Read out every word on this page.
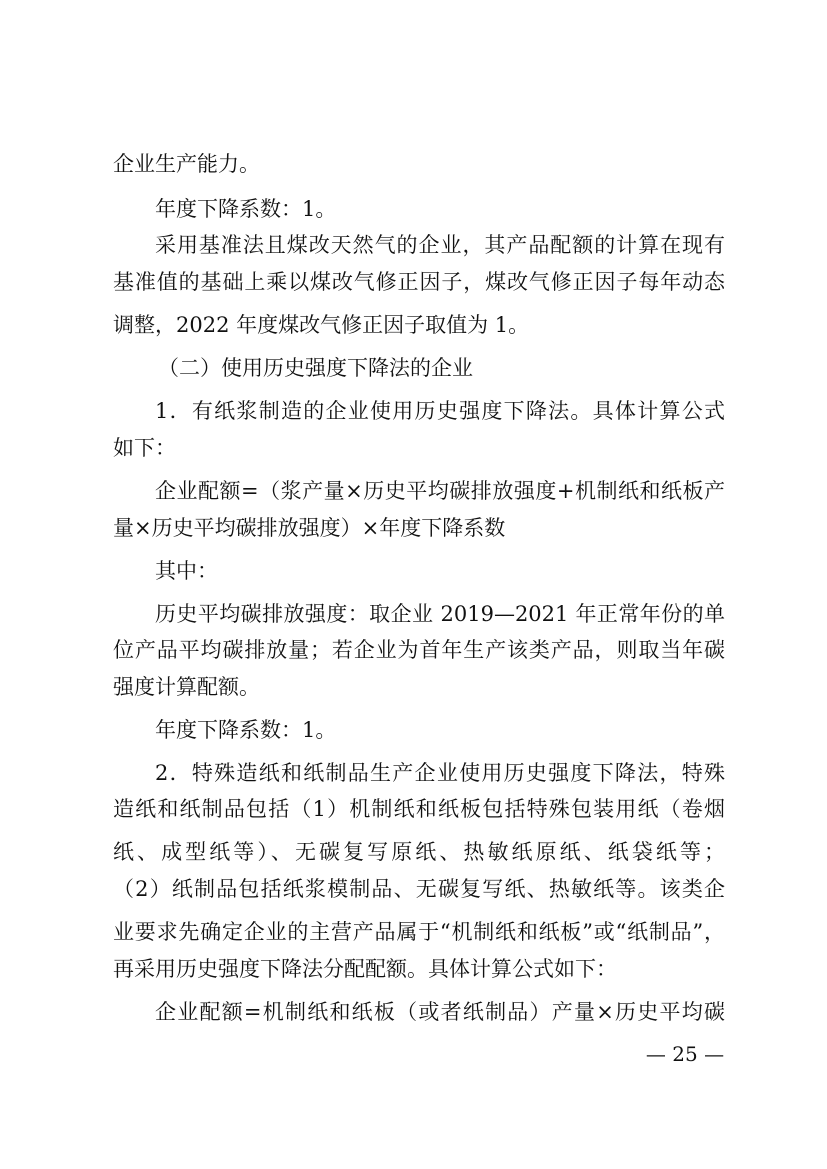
企业生产能力。
年度下降系数：1。
采用基准法且煤改天然气的企业，其产品配额的计算在现有
基准值的基础上乘以煤改气修正因子，煤改气修正因子每年动态
调整，2022 年度煤改气修正因子取值为 1。
（二）使用历史强度下降法的企业
1．有纸浆制造的企业使用历史强度下降法。具体计算公式
如下：
企业配额=（浆产量×历史平均碳排放强度+机制纸和纸板产
量×历史平均碳排放强度）×年度下降系数
其中：
历史平均碳排放强度：取企业 2019—2021 年正常年份的单
位产品平均碳排放量；若企业为首年生产该类产品，则取当年碳
强度计算配额。
年度下降系数：1。
2．特殊造纸和纸制品生产企业使用历史强度下降法，特殊
造纸和纸制品包括（1）机制纸和纸板包括特殊包装用纸（卷烟
纸、成型纸等）、无碳复写原纸、热敏纸原纸、纸袋纸等；
（2）纸制品包括纸浆模制品、无碳复写纸、热敏纸等。该类企
业要求先确定企业的主营产品属于“机制纸和纸板”或“纸制品”，
再采用历史强度下降法分配配额。具体计算公式如下：
企业配额=机制纸和纸板（或者纸制品）产量×历史平均碳
— 25 —
